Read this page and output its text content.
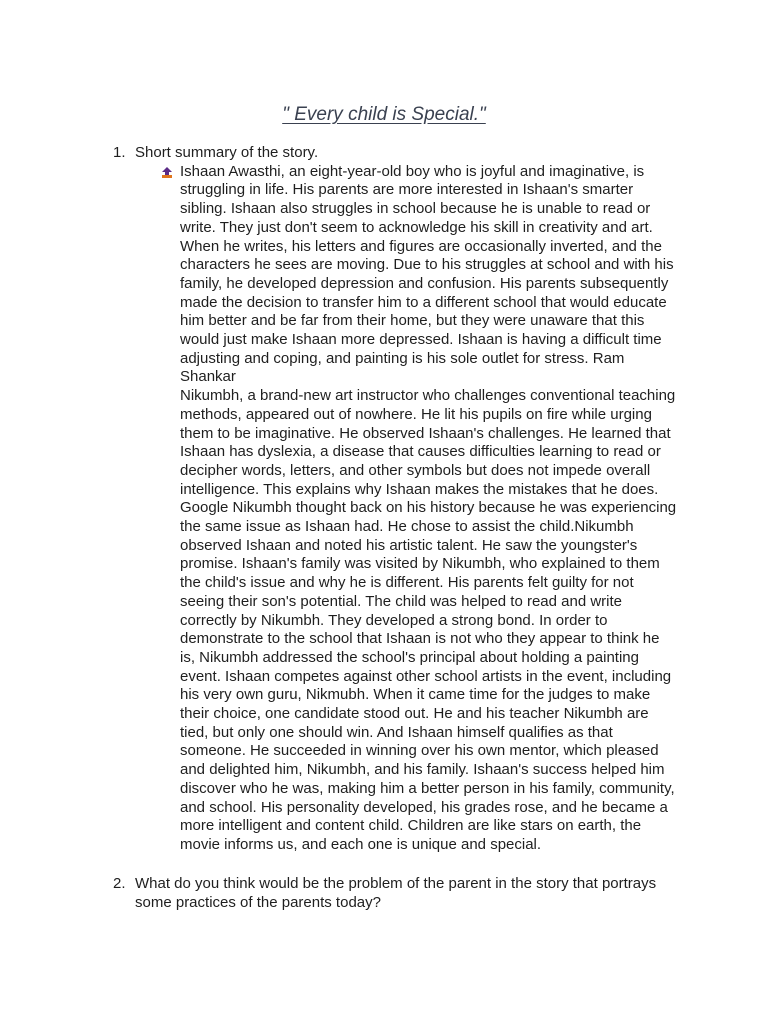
" Every child is Special."
1. Short summary of the story.
Ishaan Awasthi, an eight-year-old boy who is joyful and imaginative, is
struggling in life. His parents are more interested in Ishaan's smarter
sibling. Ishaan also struggles in school because he is unable to read or
write. They just don't seem to acknowledge his skill in creativity and art.
When he writes, his letters and figures are occasionally inverted, and the
characters he sees are moving. Due to his struggles at school and with his
family, he developed depression and confusion. His parents subsequently
made the decision to transfer him to a different school that would educate
him better and be far from their home, but they were unaware that this
would just make Ishaan more depressed. Ishaan is having a difficult time
adjusting and coping, and painting is his sole outlet for stress. Ram Shankar
Nikumbh, a brand-new art instructor who challenges conventional teaching
methods, appeared out of nowhere. He lit his pupils on fire while urging
them to be imaginative. He observed Ishaan's challenges. He learned that
Ishaan has dyslexia, a disease that causes difficulties learning to read or
decipher words, letters, and other symbols but does not impede overall
intelligence. This explains why Ishaan makes the mistakes that he does.
Google Nikumbh thought back on his history because he was experiencing
the same issue as Ishaan had. He chose to assist the child.Nikumbh
observed Ishaan and noted his artistic talent. He saw the youngster's
promise. Ishaan's family was visited by Nikumbh, who explained to them
the child's issue and why he is different. His parents felt guilty for not
seeing their son's potential. The child was helped to read and write
correctly by Nikumbh. They developed a strong bond. In order to
demonstrate to the school that Ishaan is not who they appear to think he
is, Nikumbh addressed the school's principal about holding a painting
event. Ishaan competes against other school artists in the event, including
his very own guru, Nikmubh. When it came time for the judges to make
their choice, one candidate stood out. He and his teacher Nikumbh are
tied, but only one should win. And Ishaan himself qualifies as that
someone. He succeeded in winning over his own mentor, which pleased
and delighted him, Nikumbh, and his family. Ishaan's success helped him
discover who he was, making him a better person in his family, community,
and school. His personality developed, his grades rose, and he became a
more intelligent and content child. Children are like stars on earth, the
movie informs us, and each one is unique and special.
2. What do you think would be the problem of the parent in the story that portrays
some practices of the parents today?
